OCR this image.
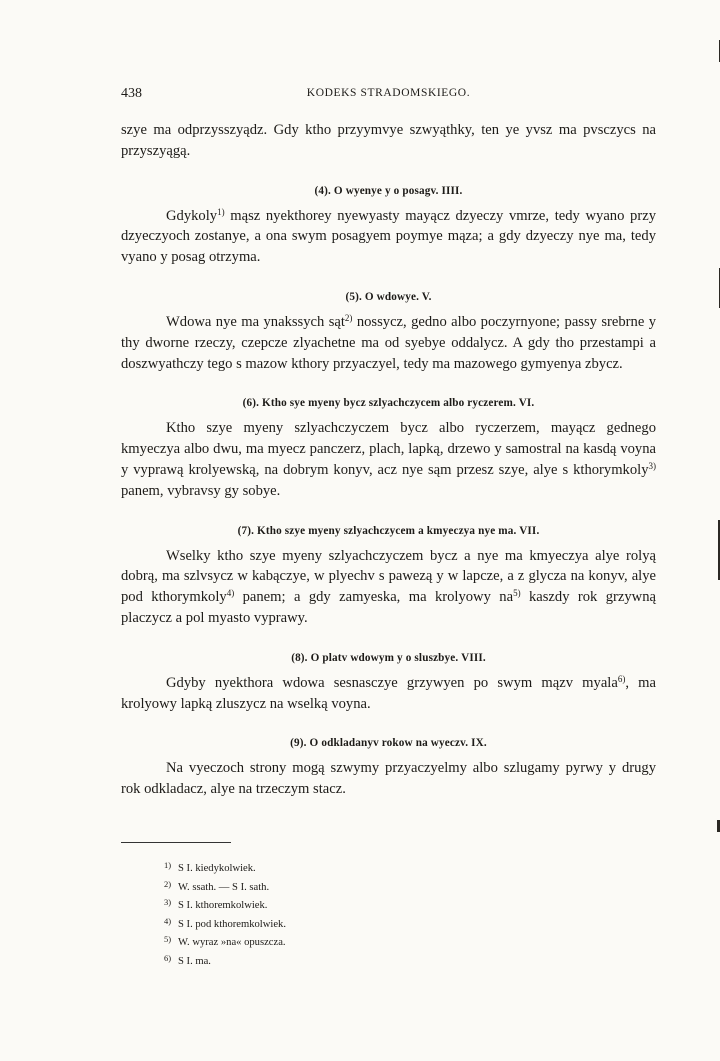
438	KODEKS STRADOMSKIEGO.

szye ma odprzysszyądz. Gdy ktho przyymvye szwyąthky, ten ye yvsz ma pvsczycs na przyszyągą.

(4). O wyenye y o posagv. IIII.

Gdykoly$^{1)}$ mąsz nyekthorey nyewyasty mayącz dzyeczy vmrze, tedy wyano przy dzyeczyoch zostanye, a ona swym posagyem poymye mąza; a gdy dzyeczy nye ma, tedy vyano y posag otrzyma.

(5). O wdowye. V.

Wdowa nye ma ynakssych sąt$^{2)}$ nossycz, gedno albo poczyrnyone; passy srebrne y thy dworne rzeczy, czepcze zlyachetne ma od syebye oddalycz. A gdy tho przestampi a doszwyathczy tego s mazow kthory przyaczyel, tedy ma mazowego gymyenya zbycz.

(6). Ktho sye myeny bycz szlyachczycem albo ryczerem. VI.

Ktho szye myeny szlyachczyczem bycz albo ryczerzem, mayącz gednego kmyeczya albo dwu, ma myecz panczerz, plach, lapką, drzewo y samostral na kasdą voyna y vyprawą krolyewską, na dobrym konyv, acz nye sąm przesz szye, alye s kthorymkoly$^{3)}$ panem, vybravsy gy sobye.

(7). Ktho szye myeny szlyachczycem a kmyeczya nye ma. VII.

Wselky ktho szye myeny szlyachczyczem bycz a nye ma kmyeczya alye rolyą dobrą, ma szlvsycz w kabączye, w plyechv s pawezą y w lapcze, a z glycza na konyv, alye pod kthorymkoly$^{4)}$ panem; a gdy zamyeska, ma krolyowy $na^{5)}$ kaszdy rok grzywną placzycz a pol myasto vyprawy.

(8). O platv wdowym y o sluszbye. VIII.

Gdyby nyekthora wdowa sesnasczye grzywyen po swym mązv myala$^{6)}$, ma krolyowy lapką zluszycz na wselką voyna.

(9). O odkladanyv rokow na wyeczv. IX.

Na vyeczoch strony mogą szwymy przyaczyelmy albo szlugamy pyrwy y drugy rok odkladacz, alye na trzeczym stacz.

1) S I. kiedykolwiek.

2) W. ssath. — S I. sath.

3) S I. kthoremkolwiek.

4) S I. pod kthoremkolwiek.

5) W. wyraz »na« opuszcza.

6) S I. ma.
